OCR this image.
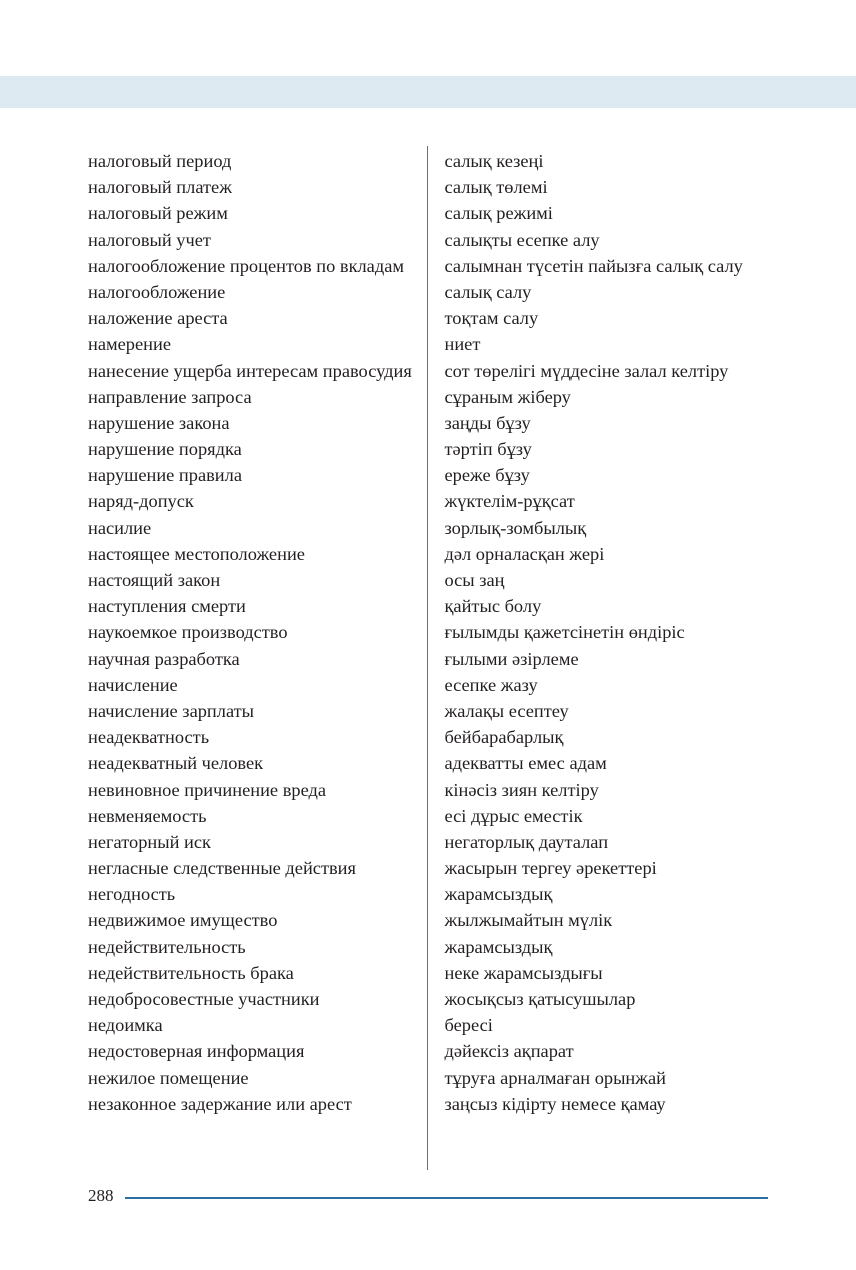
налоговый период	салық кезеңі
налоговый платеж	салық төлемі
налоговый режим	салық режимі
налоговый учет	салықты есепке алу
налогообложение процентов по вкладам	салымнан түсетін пайызға салық салу
налогообложение	салық салу
наложение ареста	тоқтам салу
намерение	ниет
нанесение ущерба интересам правосудия	сот төрелігі мүддесіне залал келтіру
направление запроса	сұраным жіберу
нарушение закона	заңды бұзу
нарушение порядка	тәртіп бұзу
нарушение правила	ереже бұзу
наряд-допуск	жүктелім-рұқсат
насилие	зорлық-зомбылық
настоящее местоположение	дәл орналасқан жері
настоящий закон	осы заң
наступления смерти	қайтыс болу
наукоемкое производство	ғылымды қажетсінетін өндіріс
научная разработка	ғылыми әзірлеме
начисление	есепке жазу
начисление зарплаты	жалақы есептеу
неадекватность	бейбарабарлық
неадекватный человек	адекватты емес адам
невиновное причинение вреда	кінәсіз зиян келтіру
невменяемость	есі дұрыс еместік
негаторный иск	негаторлық дауталап
негласные следственные действия	жасырын тергеу әрекеттері
негодность	жарамсыздық
недвижимое имущество	жылжымайтын мүлік
недействительность	жарамсыздық
недействительность брака	неке жарамсыздығы
недобросовестные участники	жосықсыз қатысушылар
недоимка	бересі
недостоверная информация	дәйексіз ақпарат
нежилое помещение	тұруға арналмаған орынжай
незаконное задержание или арест	заңсыз кідірту немесе қамау
288
